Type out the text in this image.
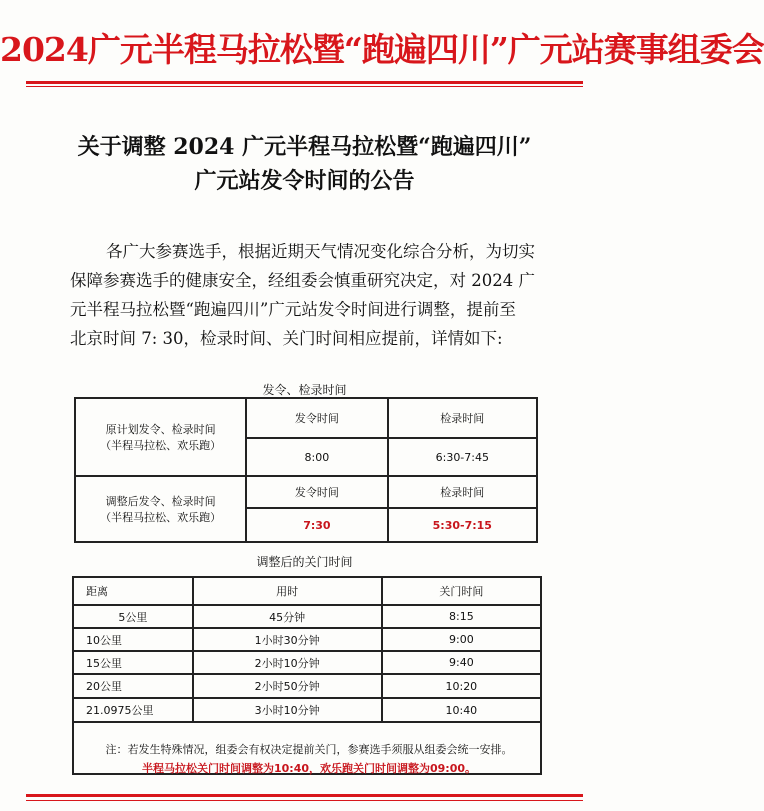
2024广元半程马拉松暨“跑遍四川”广元站赛事组委会
关于调整 2024 广元半程马拉松暨“跑遍四川”
广元站发令时间的公告
各广大参赛选手，根据近期天气情况变化综合分析，为切实
保障参赛选手的健康安全，经组委会慎重研究决定，对 2024 广
元半程马拉松暨“跑遍四川”广元站发令时间进行调整，提前至
北京时间 7: 30，检录时间、关门时间相应提前，详情如下:
发令、检录时间
原计划发令、检录时间
（半程马拉松、欢乐跑）	发令时间	检录时间
	8:00	6:30-7:45

调整后发令、检录时间
（半程马拉松、欢乐跑）	发令时间	检录时间
	7:30	5:30-7:15
调整后的关门时间
距离	用时	关门时间
5公里	45分钟	8:15
10公里	1小时30分钟	9:00
15公里	2小时10分钟	9:40
20公里	2小时50分钟	10:20
21.0975公里	3小时10分钟	10:40

注：若发生特殊情况，组委会有权决定提前关门，参赛选手须服从组委会统一安排。
半程马拉松关门时间调整为10:40，欢乐跑关门时间调整为09:00。
